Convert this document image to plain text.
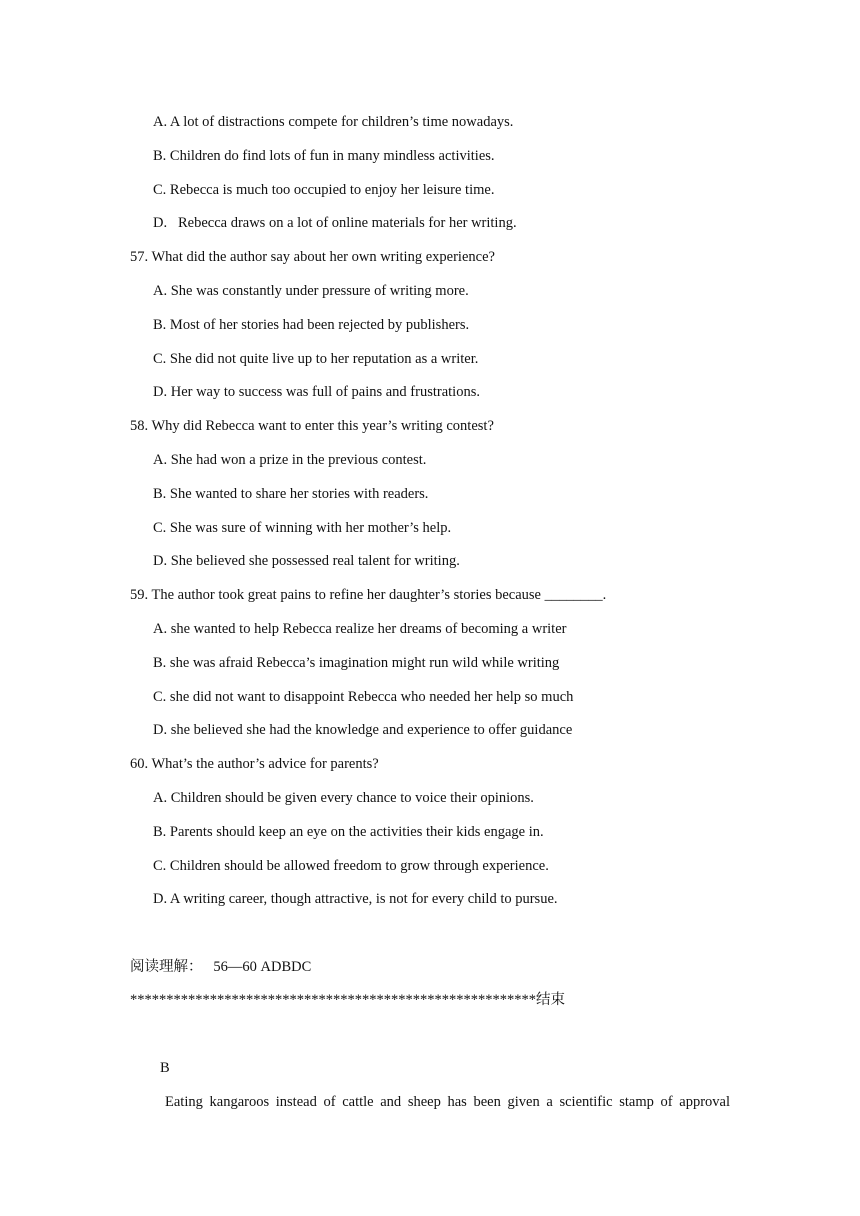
A. A lot of distractions compete for children’s time nowadays.
B. Children do find lots of fun in many mindless activities.
C. Rebecca is much too occupied to enjoy her leisure time.
D.   Rebecca draws on a lot of online materials for her writing.
57. What did the author say about her own writing experience?
A. She was constantly under pressure of writing more.
B. Most of her stories had been rejected by publishers.
C. She did not quite live up to her reputation as a writer.
D. Her way to success was full of pains and frustrations.
58. Why did Rebecca want to enter this year’s writing contest?
A. She had won a prize in the previous contest.
B. She wanted to share her stories with readers.
C. She was sure of winning with her mother’s help.
D. She believed she possessed real talent for writing.
59. The author took great pains to refine her daughter’s stories because ________.
A. she wanted to help Rebecca realize her dreams of becoming a writer
B. she was afraid Rebecca’s imagination might run wild while writing
C. she did not want to disappoint Rebecca who needed her help so much
D. she believed she had the knowledge and experience to offer guidance
60. What’s the author’s advice for parents?
A. Children should be given every chance to voice their opinions.
B. Parents should keep an eye on the activities their kids engage in.
C. Children should be allowed freedom to grow through experience.
D. A writing career, though attractive, is not for every child to pursue.
阅读理解：   56—60 ADBDC
********************************************************结束
B
Eating kangaroos instead of cattle and sheep has been given a scientific stamp of approval
